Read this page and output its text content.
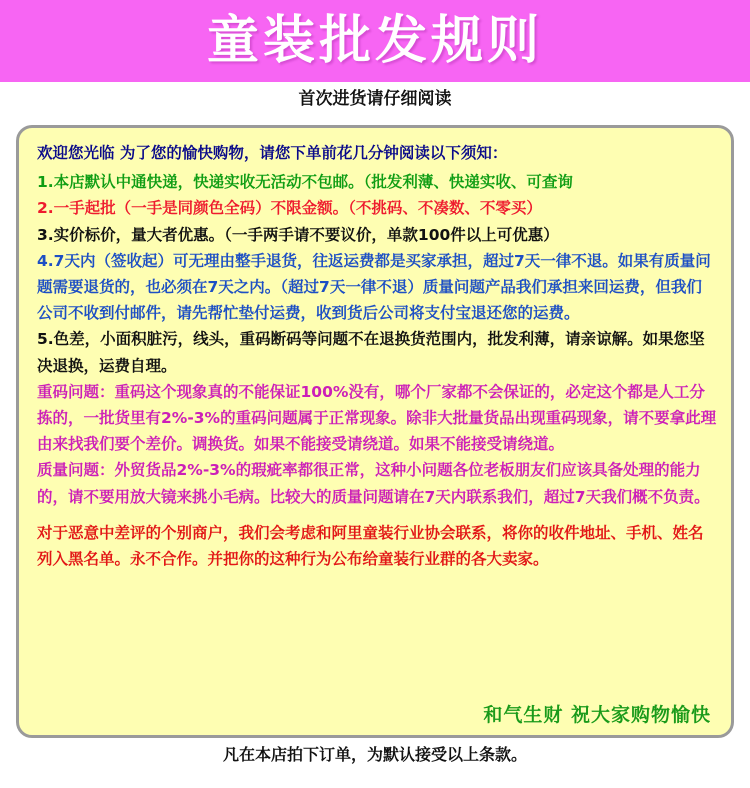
童装批发规则
首次进货请仔细阅读

欢迎您光临 为了您的愉快购物，请您下单前花几分钟阅读以下须知：

1.本店默认中通快递，快递实收无活动不包邮。（批发利薄、快递实收、可查询

2.一手起批（一手是同颜色全码）不限金额。（不挑码、不凑数、不零买）

3.实价标价，量大者优惠。（一手两手请不要议价，单款100件以上可优惠）

4.7天内（签收起）可无理由整手退货，往返运费都是买家承担，超过7天一律不退。如果有质量问题需要退货的，也必须在7天之内。（超过7天一律不退）质量问题产品我们承担来回运费，但我们公司不收到付邮件，请先帮忙垫付运费，收到货后公司将支付宝退还您的运费。

5.色差，小面积脏污，线头，重码断码等问题不在退换货范围内，批发利薄，请亲谅解。如果您坚决退换，运费自理。

重码问题：重码这个现象真的不能保证100%没有，哪个厂家都不会保证的，必定这个都是人工分拣的，一批货里有2%-3%的重码问题属于正常现象。除非大批量货品出现重码现象，请不要拿此理由来找我们要个差价。调换货。如果不能接受请绕道。如果不能接受请绕道。

质量问题：外贸货品2%-3%的瑕疵率都很正常，这种小问题各位老板朋友们应该具备处理的能力的，请不要用放大镜来挑小毛病。比较大的质量问题请在7天内联系我们，超过7天我们概不负责。

对于恶意中差评的个别商户，我们会考虑和阿里童装行业协会联系，将你的收件地址、手机、姓名列入黑名单。永不合作。并把你的这种行为公布给童装行业群的各大卖家。

和气生财 祝大家购物愉快
凡在本店拍下订单，为默认接受以上条款。
